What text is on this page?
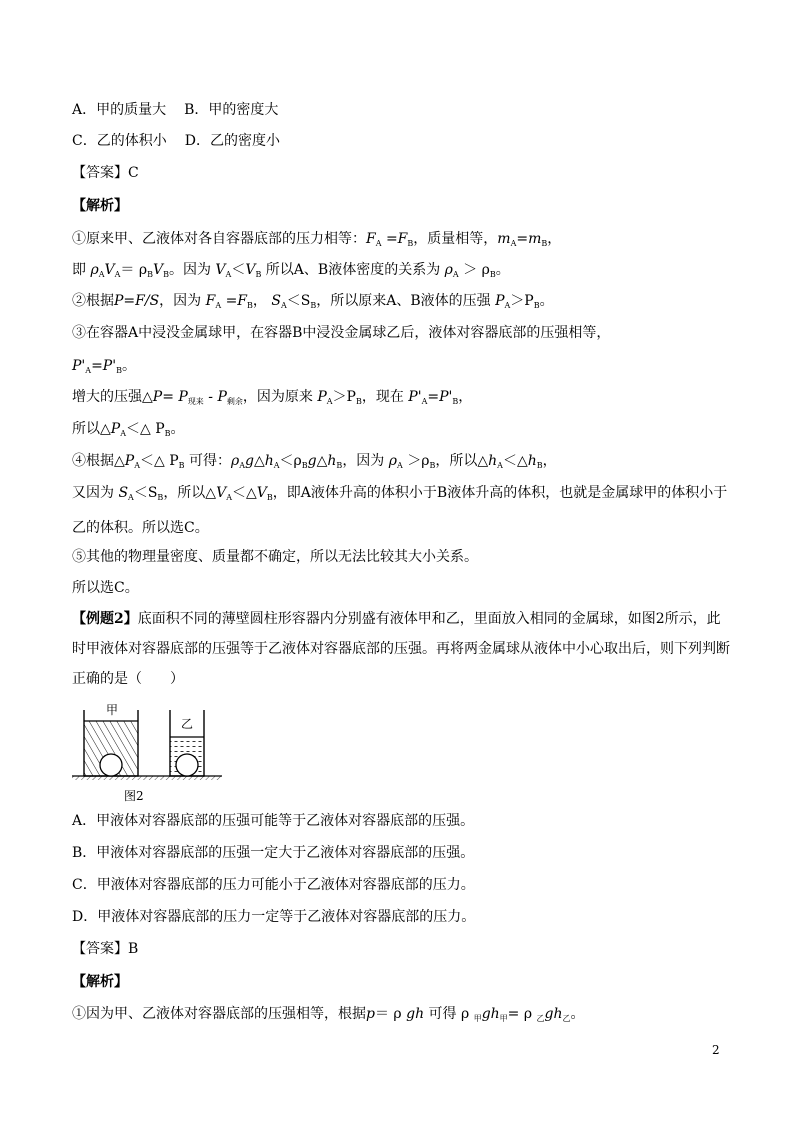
A．甲的质量大 B．甲的密度大
C．乙的体积小 D．乙的密度小
【答案】C
【解析】
①原来甲、乙液体对各自容器底部的压力相等：$F_A =F_B$，质量相等，$m_A=m_B$，
即 $\rho_AV_A= \rho_BV_B$。因为 $V_A<V_B$ 所以A、B液体密度的关系为 $\rho_A > \rho_B$。
②根据P=F/S，因为 $F_A =F_B$， $S_A<S_B$，所以原来A、B液体的压强 $P_A>P_B$。
③在容器A中浸没金属球甲，在容器B中浸没金属球乙后，液体对容器底部的压强相等，
$P'_A=P'_B$。
增大的压强△P= $P_{现来} - P_{剩余}$，因为原来 $P_A>P_B$，现在 $P'_A=P'_B$，
所以$\triangle P_A<\triangle$ $P_B$。
④根据$\triangle P_A<\triangle$ $P_B$ 可得：$\rho_Ag\triangle h_A<\rho_Bg\triangle h_B$，因为 $\rho_A >\rho_B$，所以$\triangle h_A<\triangle h_B$，
又因为 $S_A<S_B$，所以$\triangle V_A<\triangle V_B$，即A液体升高的体积小于B液体升高的体积，也就是金属球甲的体积小于乙的体积。所以选C。
⑤其他的物理量密度、质量都不确定，所以无法比较其大小关系。
所以选C。
【例题2】底面积不同的薄壁圆柱形容器内分别盛有液体甲和乙，里面放入相同的金属球，如图2所示，此时甲液体对容器底部的压强等于乙液体对容器底部的压强。再将两金属球从液体中小心取出后，则下列判断正确的是（　　）
甲
乙
图2
A．甲液体对容器底部的压强可能等于乙液体对容器底部的压强。
B．甲液体对容器底部的压强一定大于乙液体对容器底部的压强。
C．甲液体对容器底部的压力可能小于乙液体对容器底部的压力。
D．甲液体对容器底部的压力一定等于乙液体对容器底部的压力。
【答案】B
【解析】
①因为甲、乙液体对容器底部的压强相等，根据p＝ ρ gh 可得 ρ $_甲gh_甲= \rho$ $_乙gh_乙$。
2
